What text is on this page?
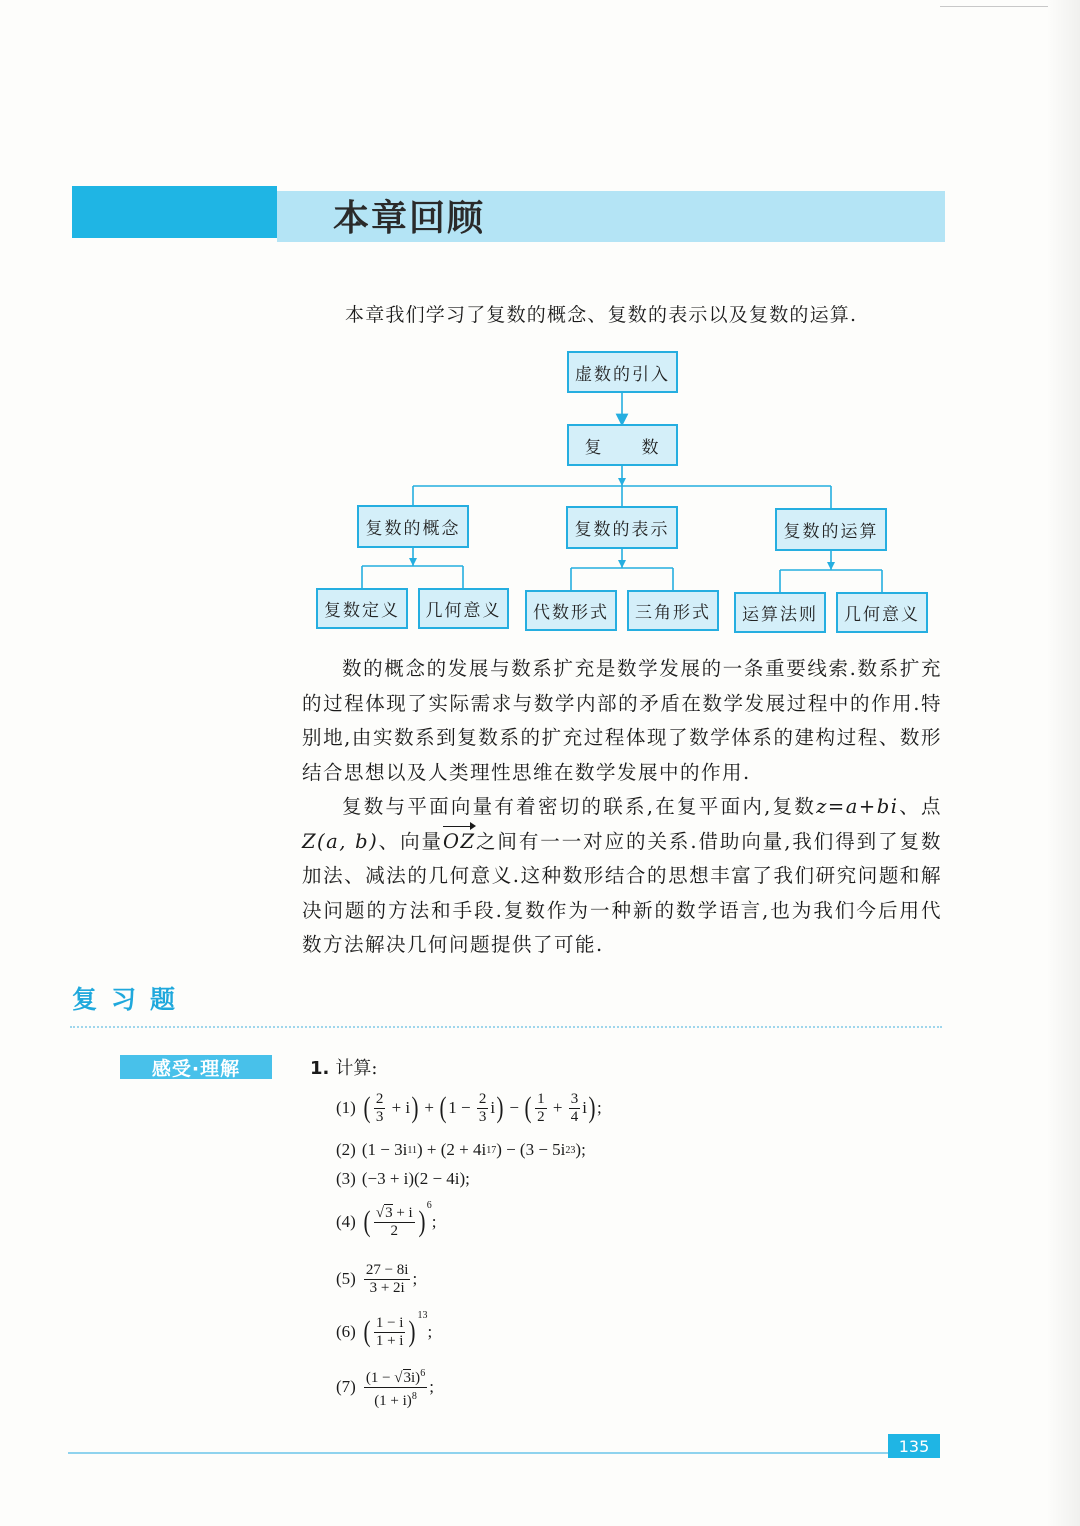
本章回顾
本章我们学习了复数的概念、复数的表示以及复数的运算.
虚数的引入
复　　数
复数的概念	复数的表示	复数的运算
复数定义	几何意义	代数形式	三角形式	运算法则	几何意义

数的概念的发展与数系扩充是数学发展的一条重要线索.数系扩充的过程体现了实际需求与数学内部的矛盾在数学发展过程中的作用.特别地,由实数系到复数系的扩充过程体现了数学体系的建构过程、数形结合思想以及人类理性思维在数学发展中的作用.

复数与平面向量有着密切的联系,在复平面内,复数z=a+bi、点Z(a, b)、向量OZ之间有一一对应的关系.借助向量,我们得到了复数加法、减法的几何意义.这种数形结合的思想丰富了我们研究问题和解决问题的方法和手段.复数作为一种新的数学语言,也为我们今后用代数方法解决几何问题提供了可能.

复习题
感受·理解	1. 计算:
(1) ( $\frac{2}{3} + i$ ) + ( $1 - \frac{2}{3}$ i ) − ( $\frac{1}{2} + \frac{3}{4}$ i ) ;
(2) (1 − 3i 11 ) + (2 + 4i 17 ) − (3 − 5i 23 );
(3) (−3 + i)(2 − 4i);
(4) ( $\frac{√3 + i}{2} )^6$
;
$(5) \frac{27 - 8i}{3 + 2i}$ ;
(6) ( $\frac{1 - i}{1 + i} )^{13}$
;
$(7) \frac{(1 - √3i)^6}{(1 + i)^8}$ ;
135
